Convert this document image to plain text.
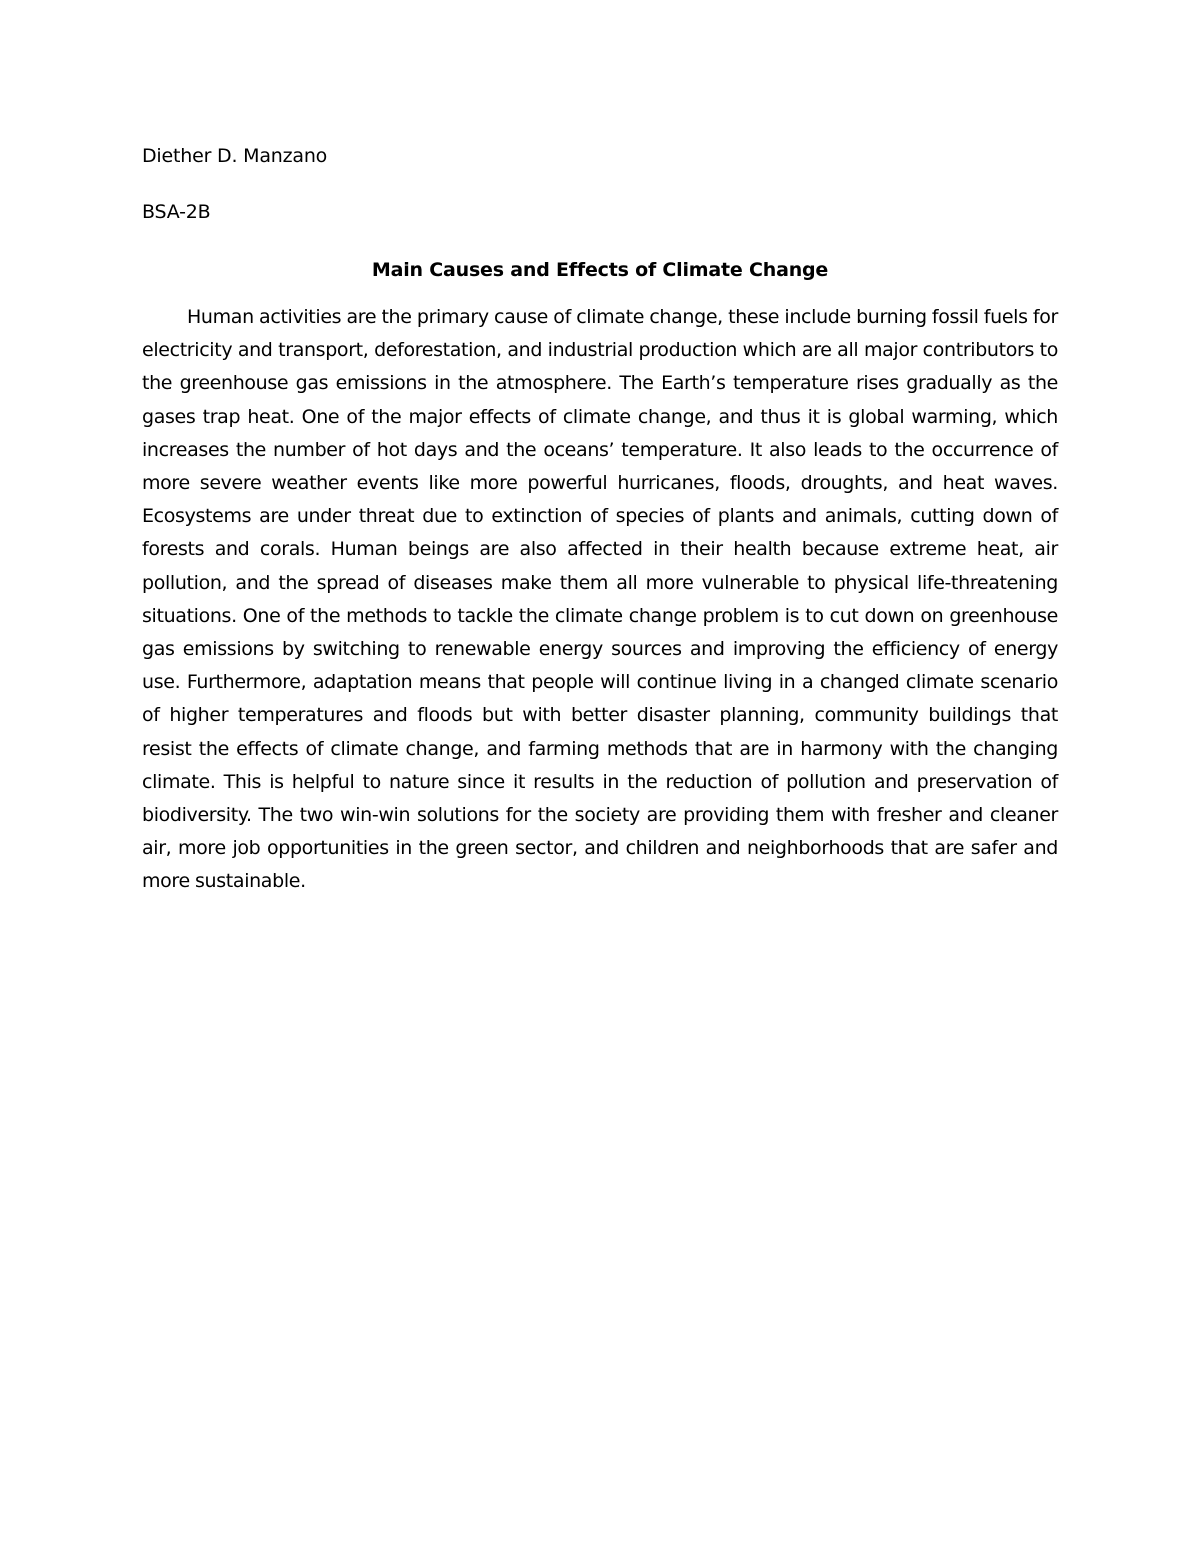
Diether D. Manzano

BSA-2B

Main Causes and Effects of Climate Change

Human activities are the primary cause of climate change, these include burning fossil fuels for electricity and transport, deforestation, and industrial production which are all major contributors to the greenhouse gas emissions in the atmosphere. The Earth’s temperature rises gradually as the gases trap heat. One of the major effects of climate change, and thus it is global warming, which increases the number of hot days and the oceans’ temperature. It also leads to the occurrence of more severe weather events like more powerful hurricanes, floods, droughts, and heat waves. Ecosystems are under threat due to extinction of species of plants and animals, cutting down of forests and corals. Human beings are also affected in their health because extreme heat, air pollution, and the spread of diseases make them all more vulnerable to physical life-threatening situations. One of the methods to tackle the climate change problem is to cut down on greenhouse gas emissions by switching to renewable energy sources and improving the efficiency of energy use. Furthermore, adaptation means that people will continue living in a changed climate scenario of higher temperatures and floods but with better disaster planning, community buildings that resist the effects of climate change, and farming methods that are in harmony with the changing climate. This is helpful to nature since it results in the reduction of pollution and preservation of biodiversity. The two win-win solutions for the society are providing them with fresher and cleaner air, more job opportunities in the green sector, and children and neighborhoods that are safer and more sustainable.
